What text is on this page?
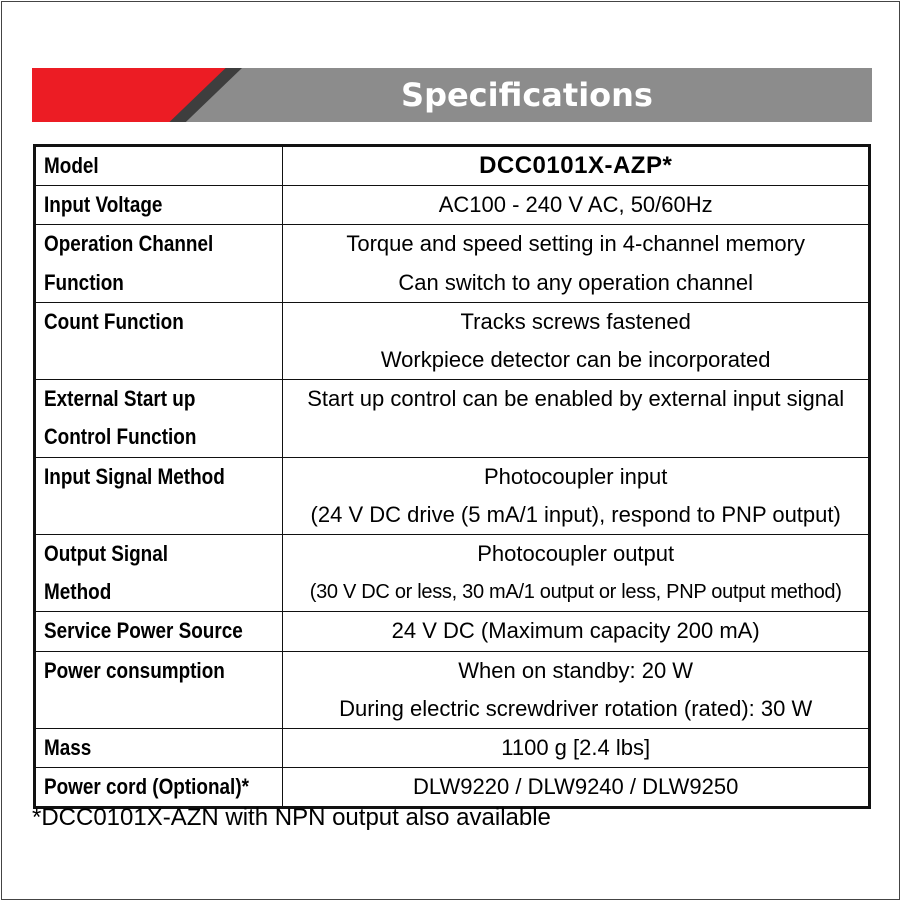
Specifications
Model	DCC0101X-AZP*

Input Voltage	AC100 - 240 V AC, 50/60Hz

Operation Channel
Function	Torque and speed setting in 4-channel memory
Can switch to any operation channel

Count Function	Tracks screws fastened
Workpiece detector can be incorporated

External Start up
Control Function	Start up control can be enabled by external input signal

Input Signal Method	Photocoupler input
(24 V DC drive (5 mA/1 input), respond to PNP output)

Output Signal
Method	Photocoupler output
(30 V DC or less, 30 mA/1 output or less, PNP output method)

Service Power Source	24 V DC (Maximum capacity 200 mA)

Power consumption	When on standby: 20 W
During electric screwdriver rotation (rated): 30 W

Mass	1100 g [2.4 lbs]

Power cord (Optional)*	DLW9220 / DLW9240 / DLW9250
*DCC0101X-AZN with NPN output also available
